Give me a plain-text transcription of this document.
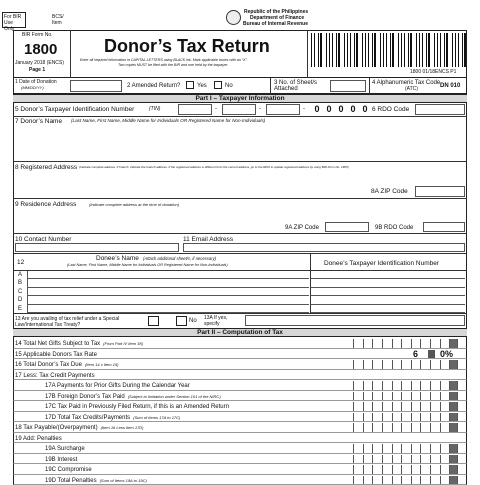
For BIR Use Only
BCS/ Item
Republic of the Philippines
Department of Finance
Bureau of Internal Revenue
BIR Form No.
1800
January 2018 (ENCS)
Page 1
Donor’s Tax Return
Enter all required information in CAPITAL LETTERS using BLACK ink. Mark applicable boxes with an “X”.
Two copies MUST be filed with the BIR and one held by the taxpayer.
1800 01/18ENCS P1
1 Date of Donation
(MM/DD/YY)	2 Amended Return?	Yes	No	3 No. of Sheet/s Attached
4 Alphanumeric Tax Code
(ATC)	DN 010
Part I – Taxpayer Information
5 Donor’s Taxpayer Identification Number	(TIN)	-	-	-	0 0 0 0 0 6 RDO Code
7 Donor’s Name (Last Name, First Name, Middle Name for Individuals OR Registered Name for Non-Individuals)
8 Registered Address (Indicate complete address. If branch, indicate the branch address. If the registered address is different from the current address, go to the RDO to update registered address by using BIR Form No. 1905)
8A ZIP Code
9 Residence Address	(Indicate complete address at the time of donation)
9A ZIP Code	9B RDO Code
10 Contact Number	11 Email Address
12
Donee’s Name (Attach additional sheet/s, if necessary)
(Last Name, First Name, Middle Name for Individuals OR Registered Name for Non-Individuals)	Donee’s Taxpayer Identification Number
A
B
C
D
E
13 Are you availing of tax relief under a Special Law/International Tax Treaty?
No 13A If yes, specify
Part II – Computation of Tax
14 Total Net Gifts Subject to Tax (From Part IV Item 38)
15 Applicable Donors Tax Rate	6 0%
16 Total Donor’s Tax Due (Item 14 x Item 15)
17 Less: Tax Credit Payments
17A Payments for Prior Gifts During the Calendar Year
17B Foreign Donor’s Tax Paid (Subject to limitation under Section 101 of the NIRC)
17C Tax Paid in Previously Filed Return, if this is an Amended Return
17D Total Tax Credits/Payments (Sum of Items 17A to 17C)
18 Tax Payable/(Overpayment) (Item 16 Less Item 17D)
19 Add: Penalties
19A Surcharge
19B Interest
19C Compromise
19D Total Penalties (Sum of Items 19A to 19C)
